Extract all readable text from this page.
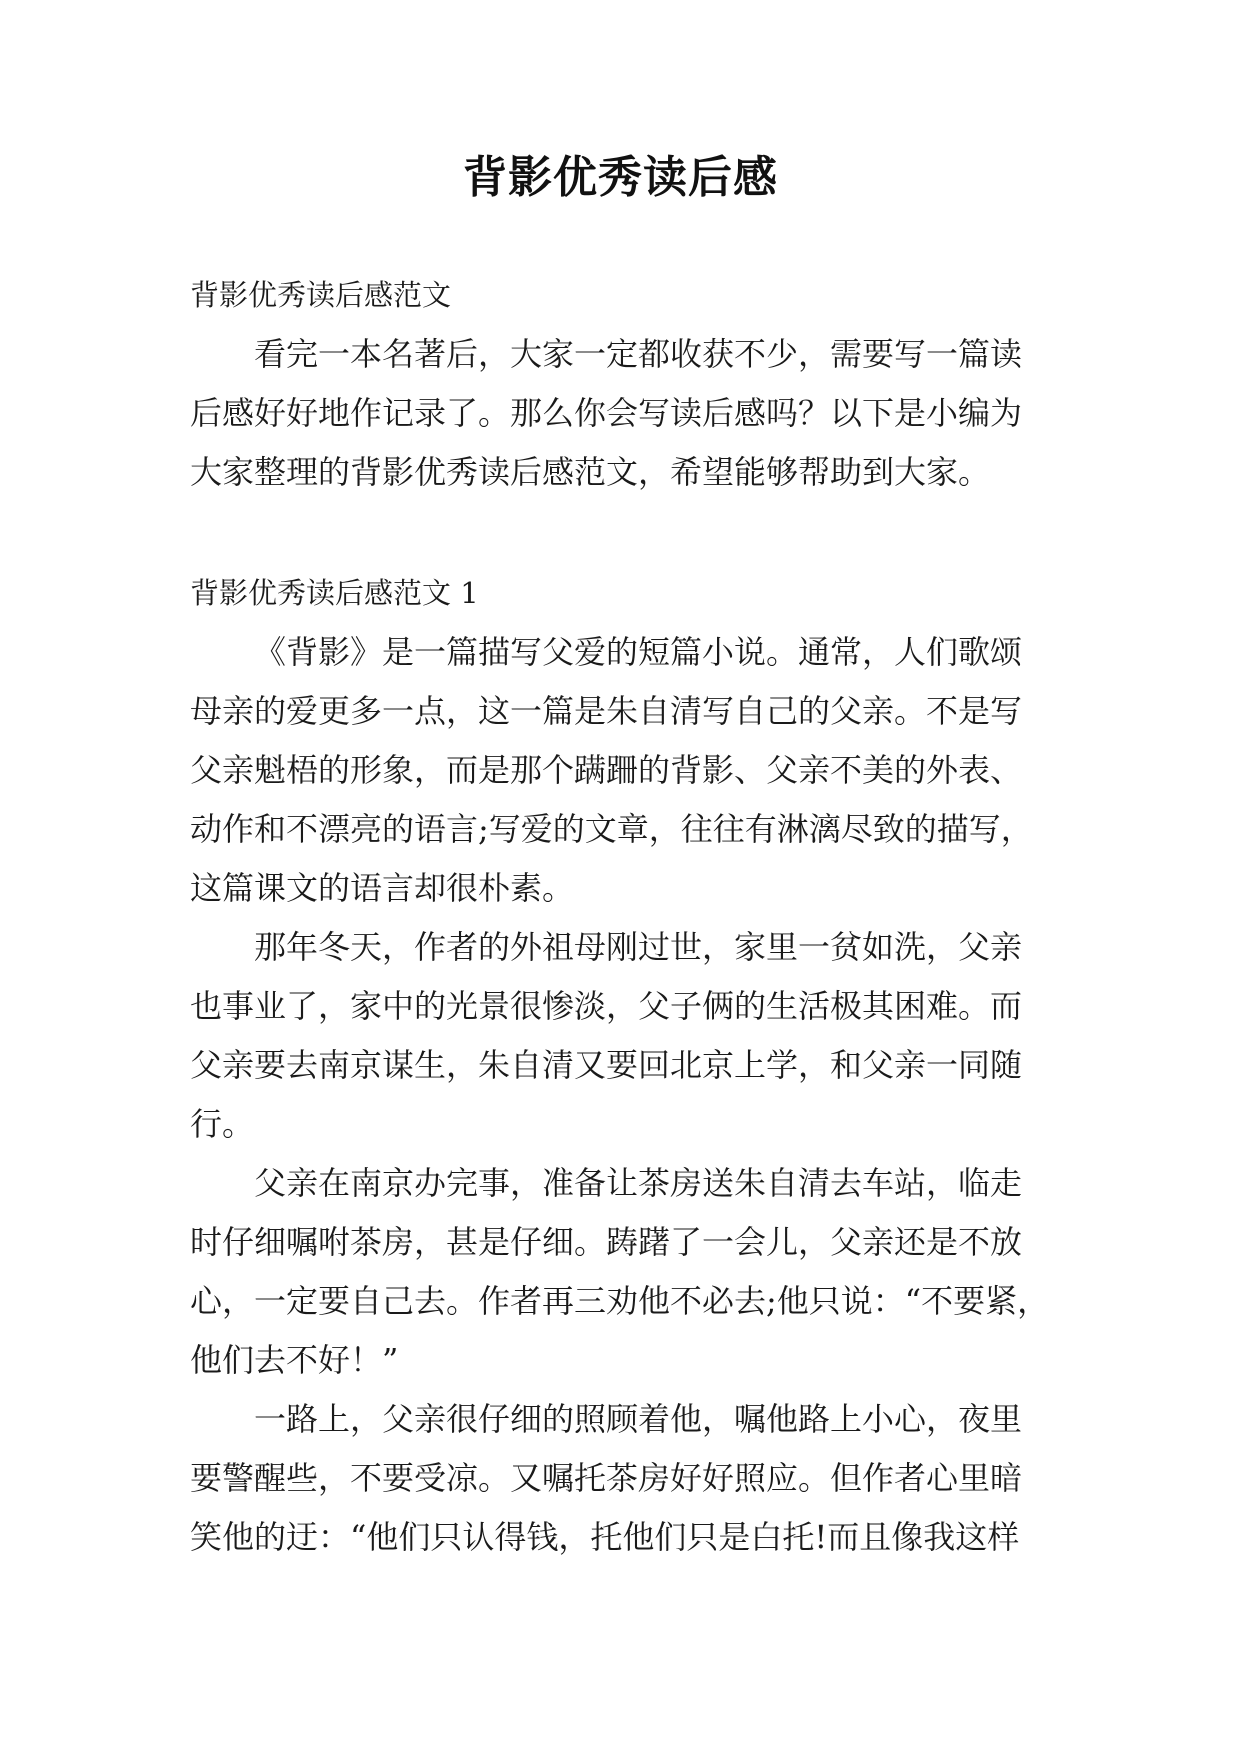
背影优秀读后感
背影优秀读后感范文
看完一本名著后，大家一定都收获不少，需要写一篇读
后感好好地作记录了。那么你会写读后感吗？以下是小编为
大家整理的背影优秀读后感范文，希望能够帮助到大家。
背影优秀读后感范文 1
《背影》是一篇描写父爱的短篇小说。通常，人们歌颂
母亲的爱更多一点，这一篇是朱自清写自己的父亲。不是写
父亲魁梧的形象，而是那个蹒跚的背影、父亲不美的外表、
动作和不漂亮的语言;写爱的文章，往往有淋漓尽致的描写，
这篇课文的语言却很朴素。
那年冬天，作者的外祖母刚过世，家里一贫如洗，父亲
也事业了，家中的光景很惨淡，父子俩的生活极其困难。而
父亲要去南京谋生，朱自清又要回北京上学，和父亲一同随
行。
父亲在南京办完事，准备让茶房送朱自清去车站，临走
时仔细嘱咐茶房，甚是仔细。踌躇了一会儿，父亲还是不放
心，一定要自己去。作者再三劝他不必去;他只说：“不要紧，
他们去不好！”
一路上，父亲很仔细的照顾着他，嘱他路上小心，夜里
要警醒些，不要受凉。又嘱托茶房好好照应。但作者心里暗
笑他的迂：“他们只认得钱，托他们只是白托!而且像我这样
